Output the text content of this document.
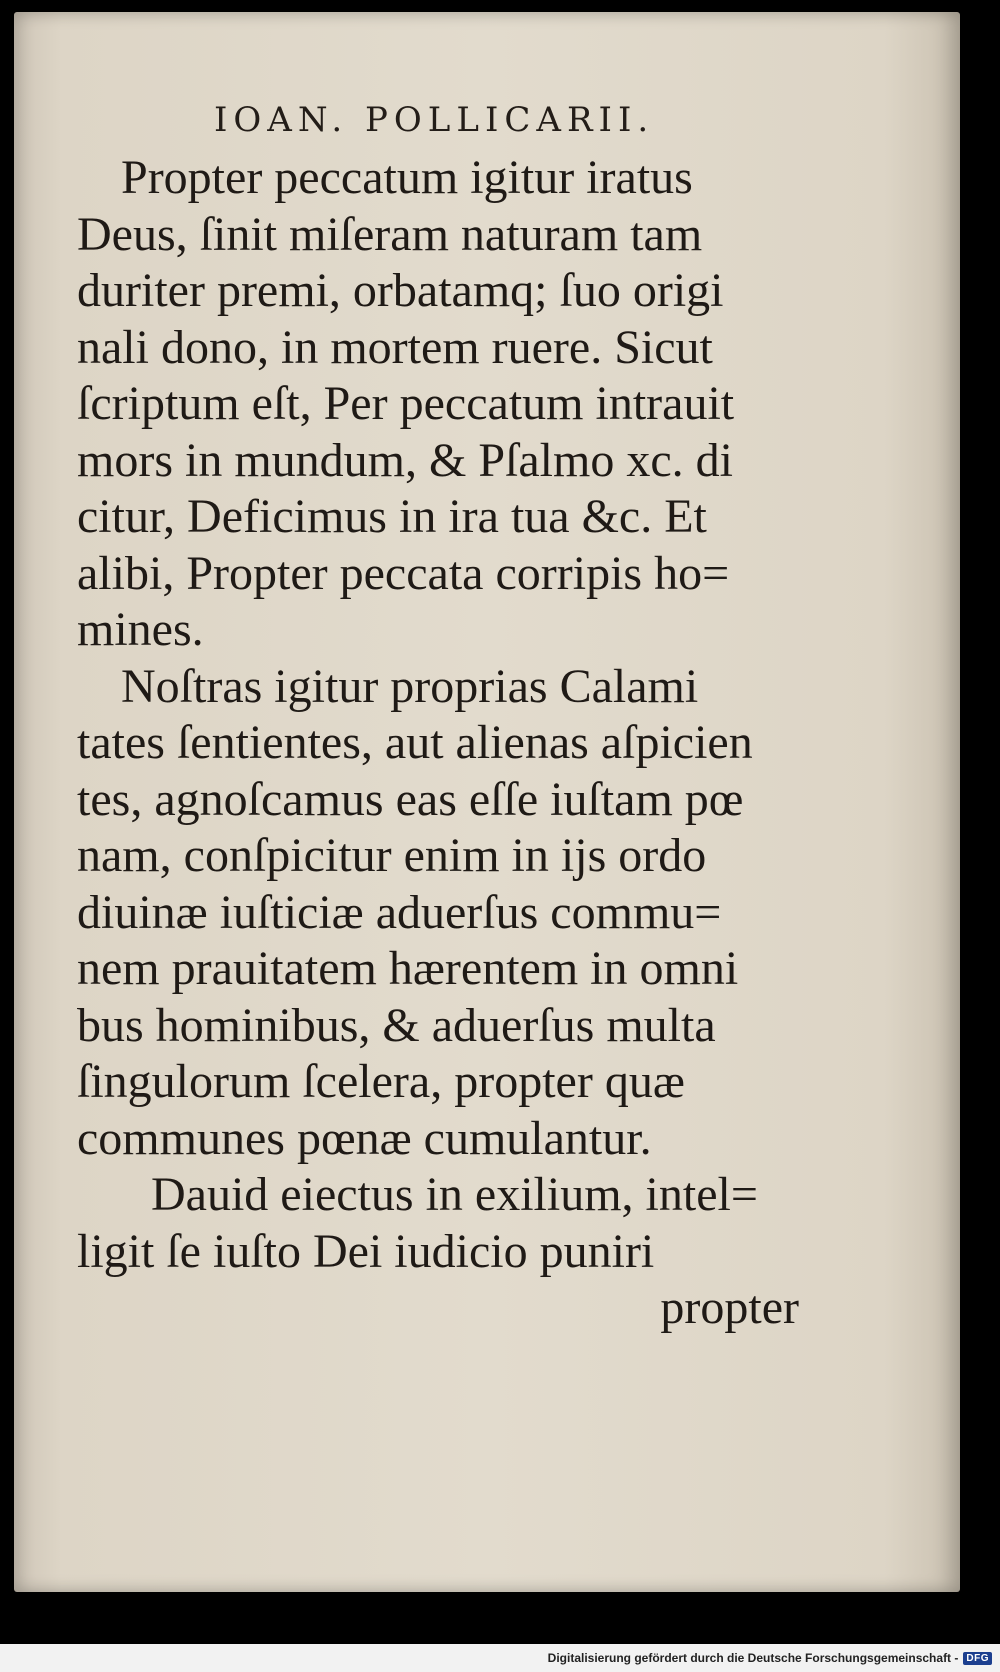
IOAN. POLLICARII.

Propter peccatum igitur iratus
Deus, ſinit miſeram naturam tam
duriter premi, orbatamq; ſuo origi
nali dono, in mortem ruere. Sicut
ſcriptum eſt, Per peccatum intrauit
mors in mundum, & Pſalmo xc. di
citur, Deficimus in ira tua &c. Et
alibi, Propter peccata corripis ho=
mines.

Noſtras igitur proprias Calami
tates ſentientes, aut alienas aſpicien
tes, agnoſcamus eas eſſe iuſtam pœ
nam, conſpicitur enim in ijs ordo
diuinæ iuſticiæ aduerſus commu=
nem prauitatem hærentem in omni
bus hominibus, & aduerſus multa
ſingulorum ſcelera, propter quæ
communes pœnæ cumulantur.

Dauid eiectus in exilium, intel=
ligit ſe iuſto Dei iudicio puniri

propter
Digitalisierung gefördert durch die Deutsche Forschungsgemeinschaft - DFG
